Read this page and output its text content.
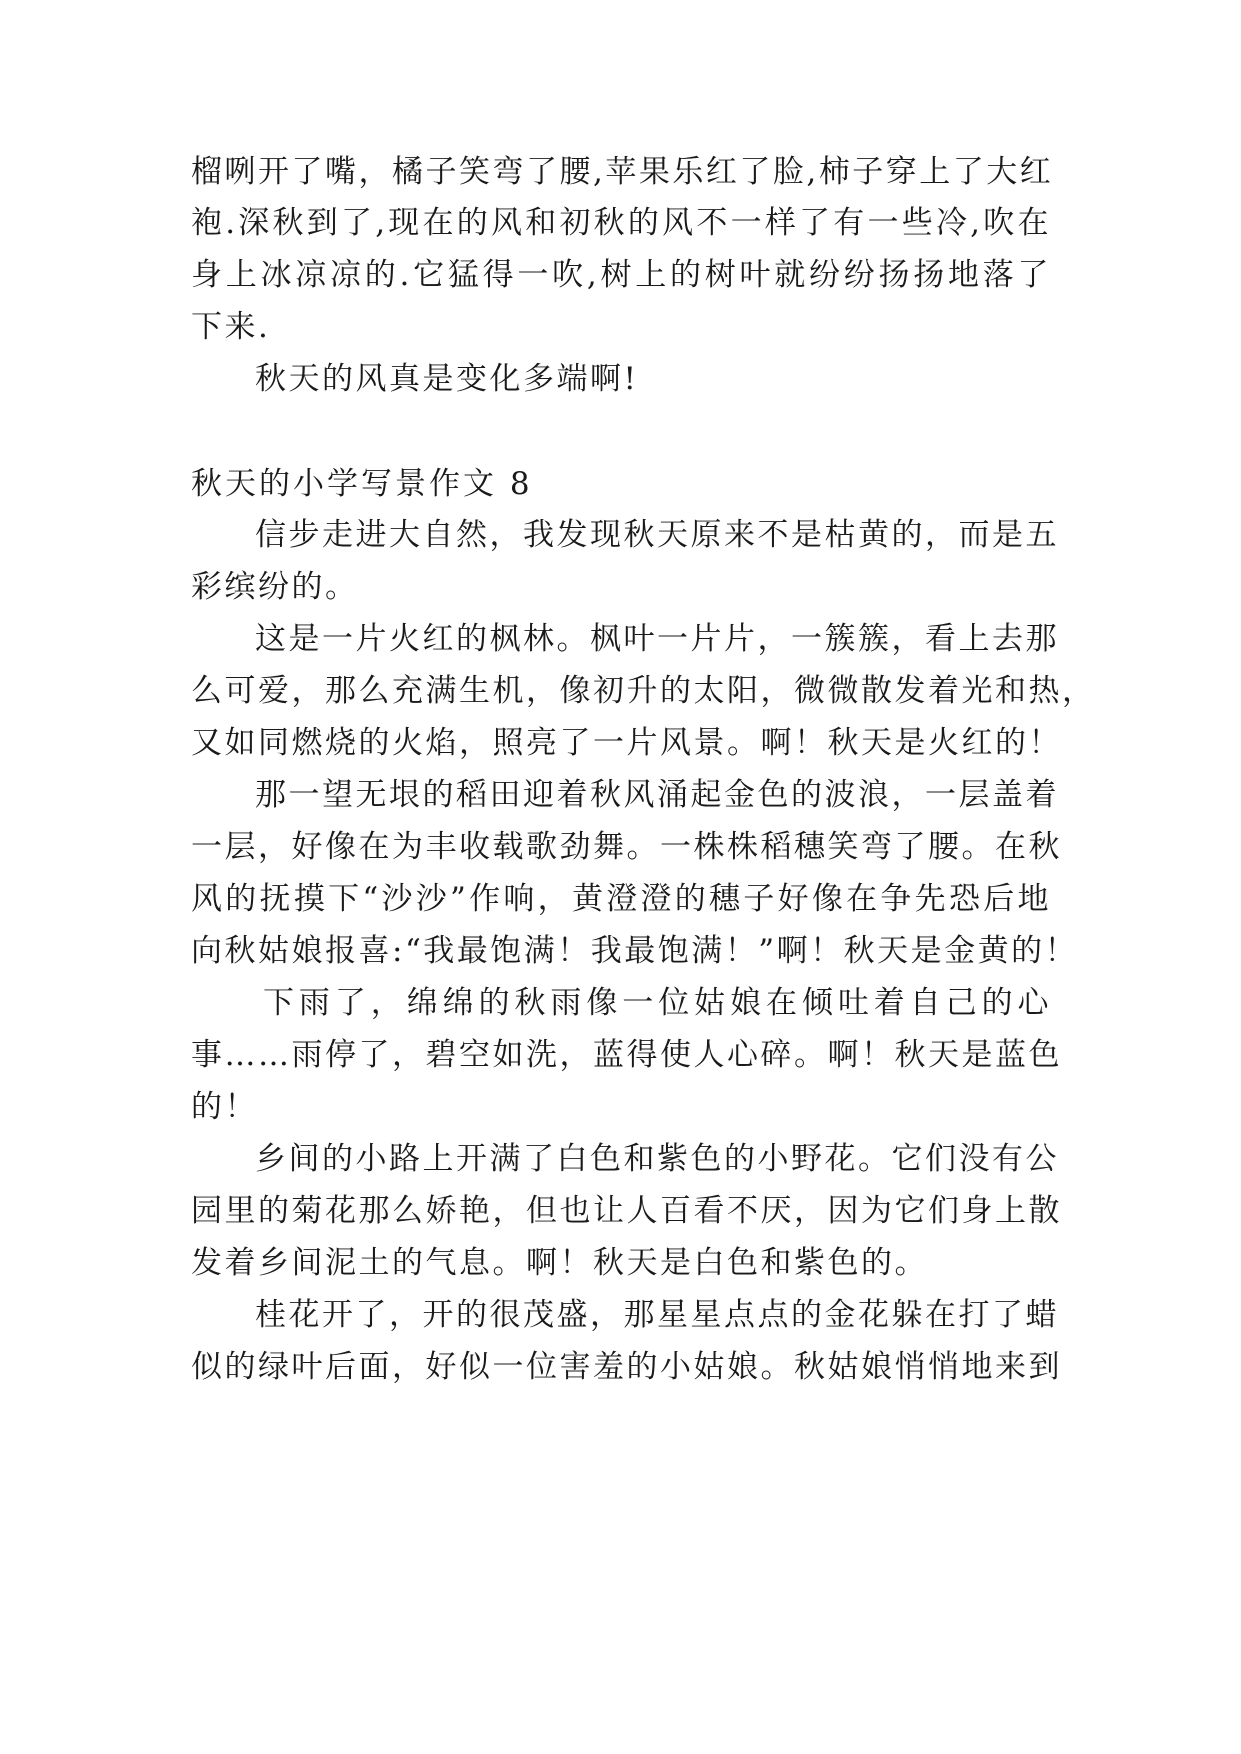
榴咧开了嘴，橘子笑弯了腰,苹果乐红了脸,柿子穿上了大红
袍.深秋到了,现在的风和初秋的风不一样了有一些冷,吹在
身上冰凉凉的.它猛得一吹,树上的树叶就纷纷扬扬地落了
下来.
秋天的风真是变化多端啊!
秋天的小学写景作文 8
信步走进大自然，我发现秋天原来不是枯黄的，而是五
彩缤纷的。
这是一片火红的枫林。枫叶一片片，一簇簇，看上去那
么可爱，那么充满生机，像初升的太阳，微微散发着光和热，
又如同燃烧的火焰，照亮了一片风景。啊！秋天是火红的！
那一望无垠的稻田迎着秋风涌起金色的波浪，一层盖着
一层，好像在为丰收载歌劲舞。一株株稻穗笑弯了腰。在秋
风的抚摸下“沙沙”作响，黄澄澄的穗子好像在争先恐后地
向秋姑娘报喜:“我最饱满！我最饱满！”啊！秋天是金黄的！
下雨了，绵绵的秋雨像一位姑娘在倾吐着自己的心
事……雨停了，碧空如洗，蓝得使人心碎。啊！秋天是蓝色
的！
乡间的小路上开满了白色和紫色的小野花。它们没有公
园里的菊花那么娇艳，但也让人百看不厌，因为它们身上散
发着乡间泥土的气息。啊！秋天是白色和紫色的。
桂花开了，开的很茂盛，那星星点点的金花躲在打了蜡
似的绿叶后面，好似一位害羞的小姑娘。秋姑娘悄悄地来到
